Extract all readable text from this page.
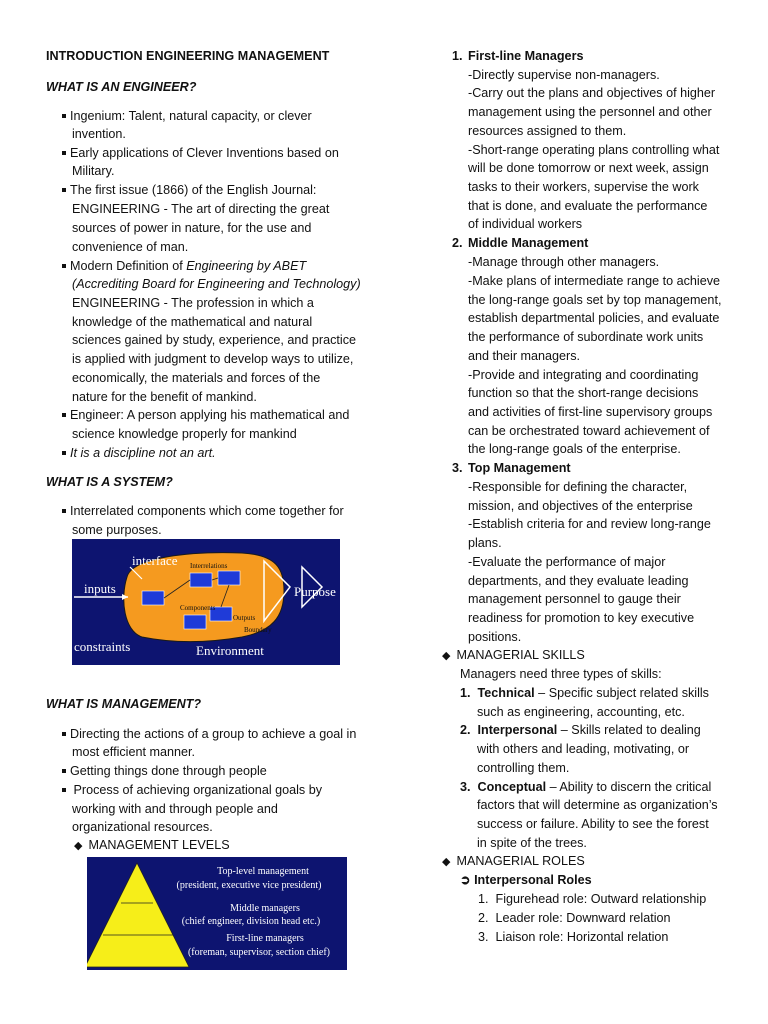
INTRODUCTION ENGINEERING MANAGEMENT
WHAT IS AN ENGINEER?
Ingenium: Talent, natural capacity, or clever
invention.
Early applications of Clever Inventions based on
Military.
The first issue (1866) of the English Journal:
ENGINEERING - The art of directing the great
sources of power in nature, for the use and
convenience of man.
Modern Definition of Engineering by ABET
(Accrediting Board for Engineering and Technology)
ENGINEERING - The profession in which a
knowledge of the mathematical and natural
sciences gained by study, experience, and practice
is applied with judgment to develop ways to utilize,
economically, the materials and forces of the
nature for the benefit of mankind.
Engineer: A person applying his mathematical and
science knowledge properly for mankind
It is a discipline not an art.
WHAT IS A SYSTEM?
Interrelated components which come together for
some purposes.
interface Interrelations
inputs
Components
Outputs
Boundary
Purpose
constraints	Environment
WHAT IS MANAGEMENT?
Directing the actions of a group to achieve a goal in
most efficient manner.
Getting things done through people
Process of achieving organizational goals by
working with and through people and
organizational resources.
◆ MANAGEMENT LEVELS
Top-level management
(president, executive vice president)
Middle managers
(chief engineer, division head etc.)
First-line managers
(foreman, supervisor, section chief)
1. First-line Managers
-Directly supervise non-managers.
-Carry out the plans and objectives of higher
management using the personnel and other
resources assigned to them.
-Short-range operating plans controlling what
will be done tomorrow or next week, assign
tasks to their workers, supervise the work
that is done, and evaluate the performance
of individual workers
2. Middle Management
-Manage through other managers.
-Make plans of intermediate range to achieve
the long-range goals set by top management,
establish departmental policies, and evaluate
the performance of subordinate work units
and their managers.
-Provide and integrating and coordinating
function so that the short-range decisions
and activities of first-line supervisory groups
can be orchestrated toward achievement of
the long-range goals of the enterprise.
3. Top Management
-Responsible for defining the character,
mission, and objectives of the enterprise
-Establish criteria for and review long-range
plans.
-Evaluate the performance of major
departments, and they evaluate leading
management personnel to gauge their
readiness for promotion to key executive
positions.
◆ MANAGERIAL SKILLS
Managers need three types of skills:
1.  Technical – Specific subject related skills
such as engineering, accounting, etc.
2.  Interpersonal – Skills related to dealing
with others and leading, motivating, or
controlling them.
3.  Conceptual – Ability to discern the critical
factors that will determine as organization’s
success or failure. Ability to see the forest
in spite of the trees.
◆ MANAGERIAL ROLES
➲ Interpersonal Roles
1.  Figurehead role: Outward relationship
2.  Leader role: Downward relation
3.  Liaison role: Horizontal relation
